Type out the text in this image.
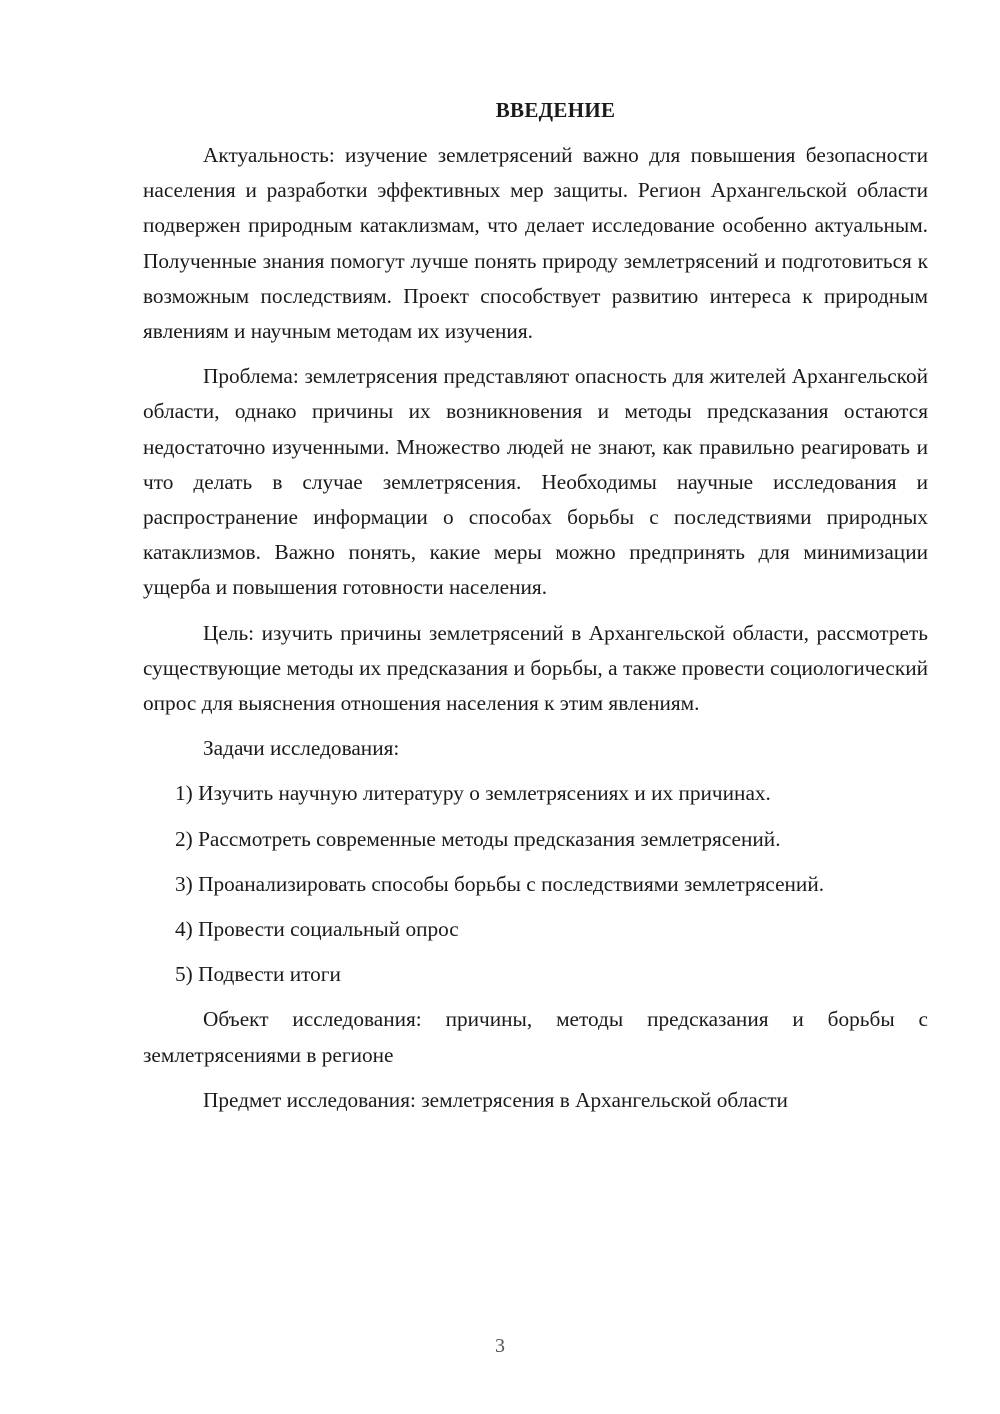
ВВЕДЕНИЕ

Актуальность: изучение землетрясений важно для повышения безопасности населения и разработки эффективных мер защиты. Регион Архангельской области подвержен природным катаклизмам, что делает исследование особенно актуальным. Полученные знания помогут лучше понять природу землетрясений и подготовиться к возможным последствиям. Проект способствует развитию интереса к природным явлениям и научным методам их изучения.

Проблема: землетрясения представляют опасность для жителей Архангельской области, однако причины их возникновения и методы предсказания остаются недостаточно изученными. Множество людей не знают, как правильно реагировать и что делать в случае землетрясения. Необходимы научные исследования и распространение информации о способах борьбы с последствиями природных катаклизмов. Важно понять, какие меры можно предпринять для минимизации ущерба и повышения готовности населения.

Цель: изучить причины землетрясений в Архангельской области, рассмотреть существующие методы их предсказания и борьбы, а также провести социологический опрос для выяснения отношения населения к этим явлениям.

Задачи исследования:

1) Изучить научную литературу о землетрясениях и их причинах.

2) Рассмотреть современные методы предсказания землетрясений.

3) Проанализировать способы борьбы с последствиями землетрясений.

4) Провести социальный опрос

5) Подвести итоги

Объект исследования: причины, методы предсказания и борьбы с землетрясениями в регионе

Предмет исследования: землетрясения в Архангельской области

3
